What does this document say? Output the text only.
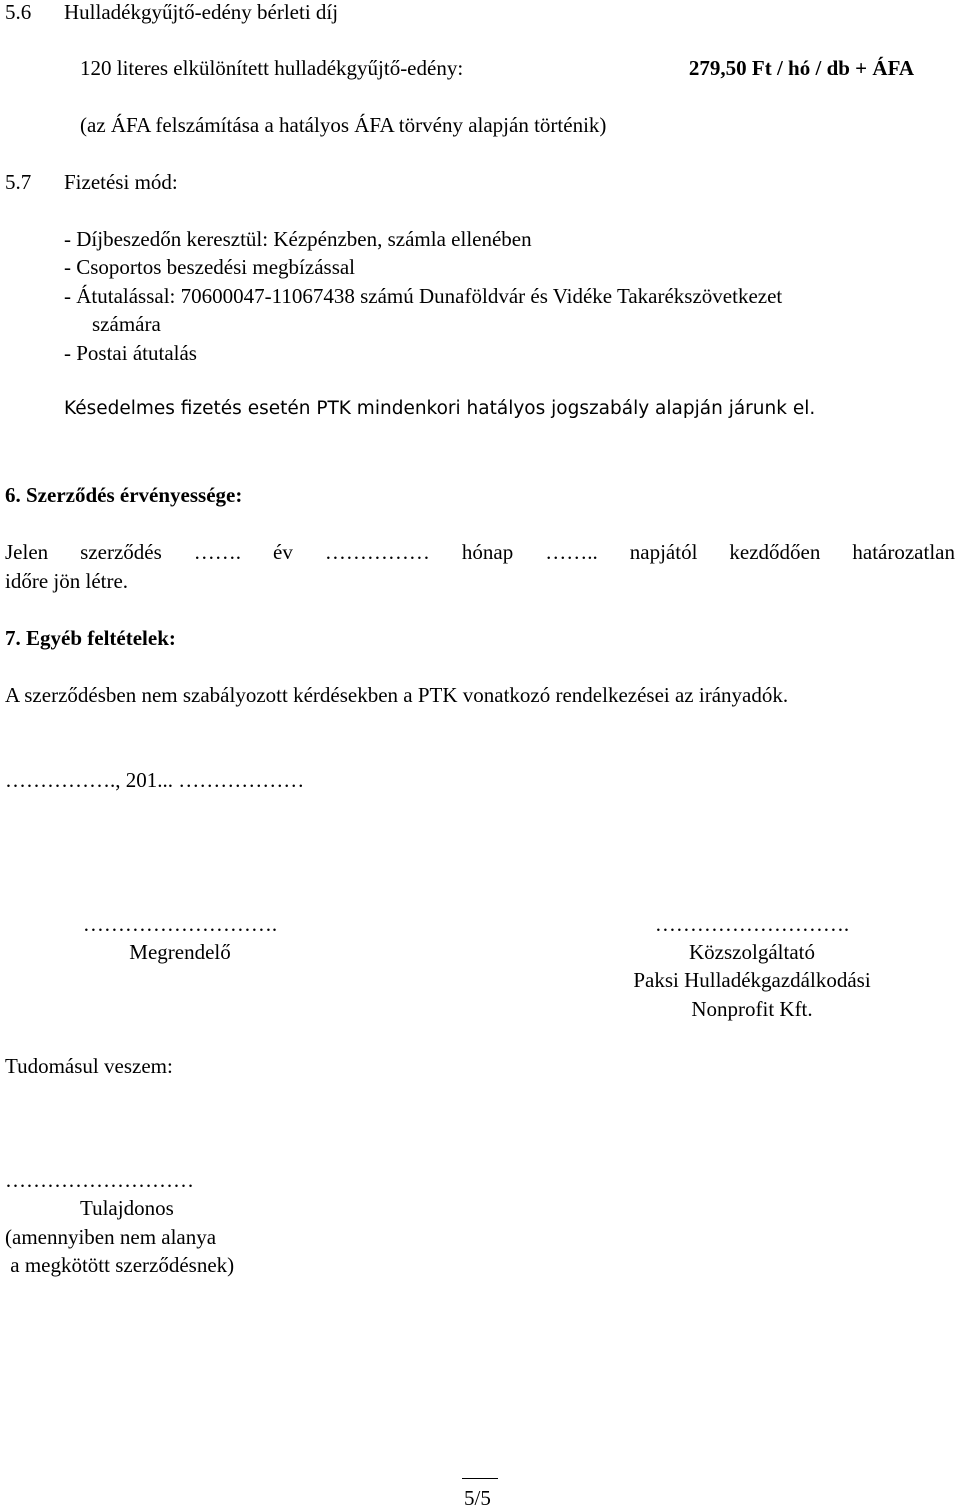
5.6 Hulladékgyűjtő-edény bérleti díj
120 literes elkülönített hulladékgyűjtő-edény:	279,50 Ft / hó / db + ÁFA
(az ÁFA felszámítása a hatályos ÁFA törvény alapján történik)
5.7 Fizetési mód:
- Díjbeszedőn keresztül: Kézpénzben, számla ellenében
- Csoportos beszedési megbízással
- Átutalással: 70600047-11067438 számú Dunaföldvár és Vidéke Takarékszövetkezet
számára
- Postai átutalás
Késedelmes fizetés esetén PTK mindenkori hatályos jogszabály alapján járunk el.
6. Szerződés érvényessége:
Jelen szerződés ……. év …………… hónap …….. napjától kezdődően határozatlan
időre jön létre.
7. Egyéb feltételek:
A szerződésben nem szabályozott kérdésekben a PTK vonatkozó rendelkezései az irányadók.
……………., 201... ………………
……………………….
Megrendelő
……………………….
Közszolgáltató
Paksi Hulladékgazdálkodási
Nonprofit Kft.
Tudomásul veszem:
………………………
Tulajdonos
(amennyiben nem alanya
a megkötött szerződésnek)
5/5
